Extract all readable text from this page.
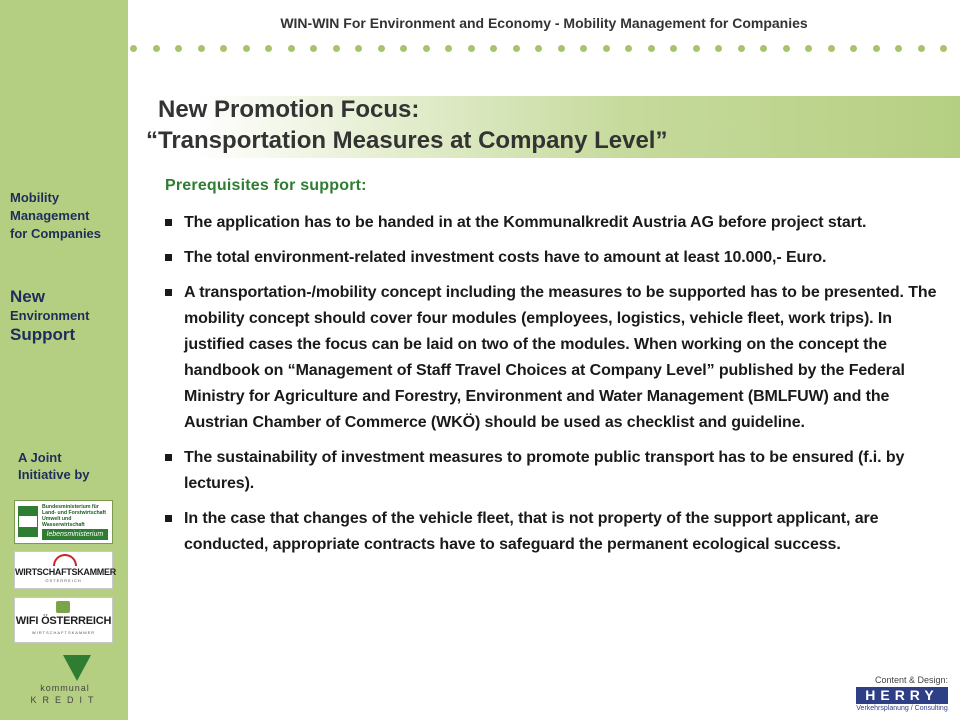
Mobility
Management
for Companies
New
Environment
Support
A Joint
Initiative by
Bundesministerium für
Land- und Forstwirtschaft
Umwelt und Wasserwirtschaft
lebensministerium
WIRTSCHAFTSKAMMER
ÖSTERREICH
WIFI ÖSTERREICH
WIRTSCHAFTSKAMMER
kommunal
KREDIT
WIN-WIN For Environment and Economy - Mobility Management for Companies
New Promotion Focus:
“Transportation Measures at Company Level”
Prerequisites for support:
The application has to be handed in at the Kommunalkredit Austria AG before project start.
The total environment-related investment costs have to amount at least 10.000,- Euro.
A transportation-/mobility concept including the measures to be supported has to be presented. The mobility concept should cover four modules (employees, logistics, vehicle fleet, work trips). In justified cases the focus can be laid on two of the modules. When working on the concept the handbook on “Management of Staff Travel Choices at Company Level” published by the Federal Ministry for Agriculture and Forestry, Environment and Water Management (BMLFUW) and the Austrian Chamber of Commerce (WKÖ) should be used as checklist and guideline.
The sustainability of investment measures to promote public transport has to be ensured (f.i. by lectures).
In the case that changes of the vehicle fleet, that is not property of the support applicant, are conducted, appropriate contracts have to safeguard the permanent ecological success.
Content & Design:
HERRY
Verkehrsplanung / Consulting
